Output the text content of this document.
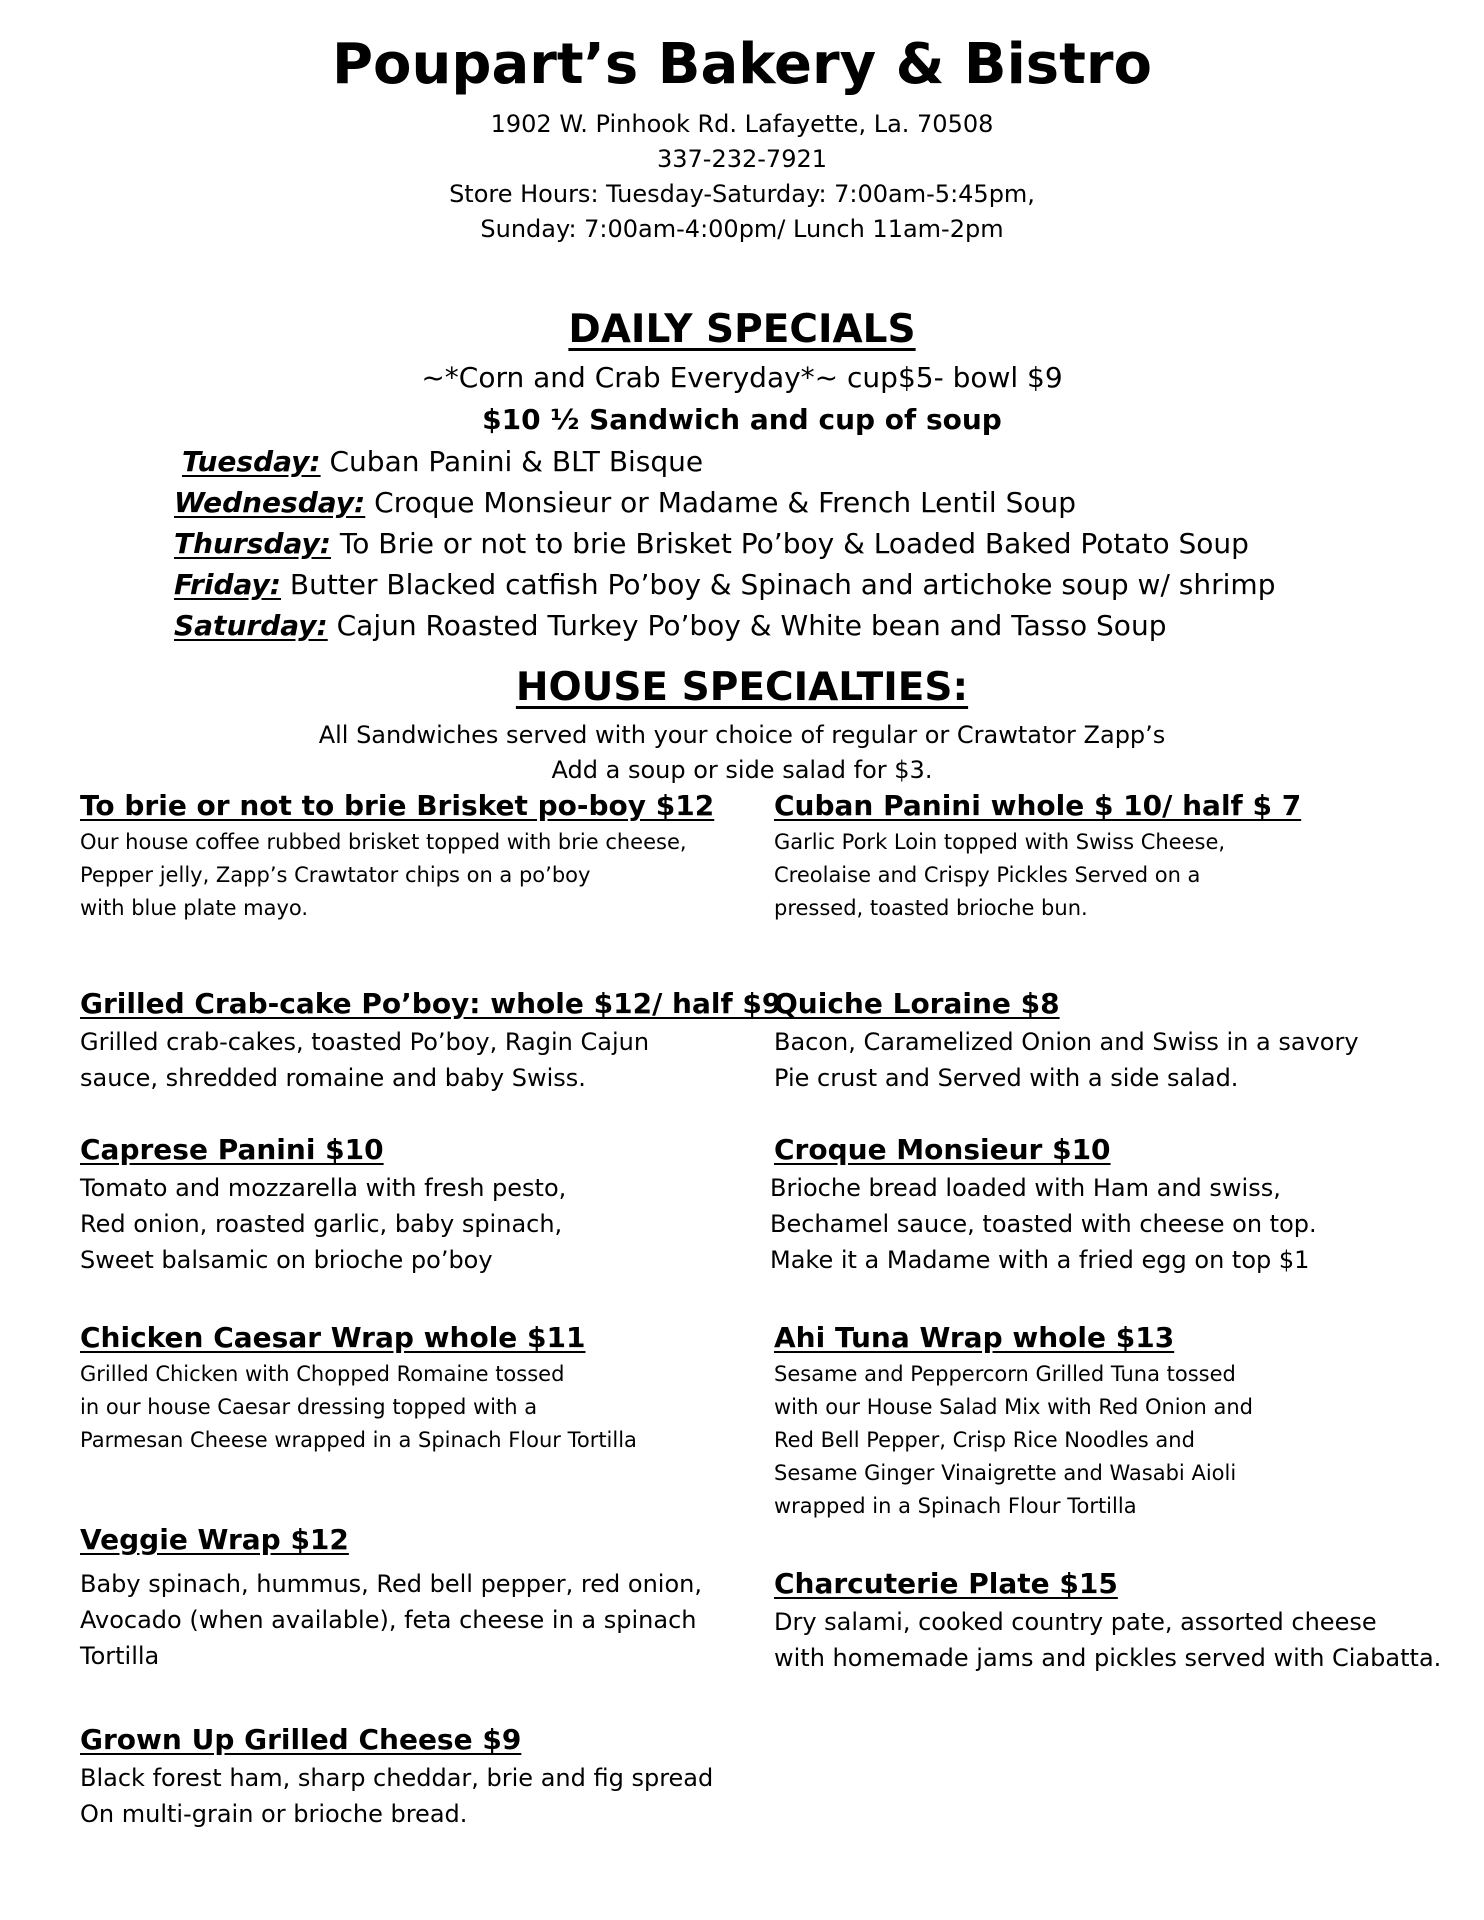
Poupart’s Bakery & Bistro
1902 W. Pinhook Rd. Lafayette, La. 70508
337-232-7921
Store Hours: Tuesday-Saturday: 7:00am-5:45pm,
Sunday: 7:00am-4:00pm/ Lunch 11am-2pm
DAILY SPECIALS
~*Corn and Crab Everyday*~ cup$5- bowl $9
$10 ½ Sandwich and cup of soup
Tuesday: Cuban Panini & BLT Bisque
Wednesday: Croque Monsieur or Madame & French Lentil Soup
Thursday: To Brie or not to brie Brisket Po’boy & Loaded Baked Potato Soup
Friday: Butter Blacked catfish Po’boy & Spinach and artichoke soup w/ shrimp
Saturday: Cajun Roasted Turkey Po’boy & White bean and Tasso Soup
HOUSE SPECIALTIES:
All Sandwiches served with your choice of regular or Crawtator Zapp’s
Add a soup or side salad for $3.
To brie or not to brie Brisket po-boy $12
Our house coffee rubbed brisket topped with brie cheese,
Pepper jelly, Zapp’s Crawtator chips on a po’boy
with blue plate mayo.
Grilled Crab-cake Po’boy: whole $12/ half $9
Grilled crab-cakes, toasted Po’boy, Ragin Cajun
sauce, shredded romaine and baby Swiss.
Caprese Panini $10
Tomato and mozzarella with fresh pesto,
Red onion, roasted garlic, baby spinach,
Sweet balsamic on brioche po’boy
Chicken Caesar Wrap whole $11
Grilled Chicken with Chopped Romaine tossed
in our house Caesar dressing topped with a
Parmesan Cheese wrapped in a Spinach Flour Tortilla
Veggie Wrap $12
Baby spinach, hummus, Red bell pepper, red onion,
Avocado (when available), feta cheese in a spinach
Tortilla
Grown Up Grilled Cheese $9
Black forest ham, sharp cheddar, brie and fig spread
On multi-grain or brioche bread.
Cuban Panini whole $ 10/ half $ 7
Garlic Pork Loin topped with Swiss Cheese,
Creolaise and Crispy Pickles Served on a
pressed, toasted brioche bun.
Quiche Loraine $8
Bacon, Caramelized Onion and Swiss in a savory
Pie crust and Served with a side salad.
Croque Monsieur $10
Brioche bread loaded with Ham and swiss,
Bechamel sauce, toasted with cheese on top.
Make it a Madame with a fried egg on top $1
Ahi Tuna Wrap whole $13
Sesame and Peppercorn Grilled Tuna tossed
with our House Salad Mix with Red Onion and
Red Bell Pepper, Crisp Rice Noodles and
Sesame Ginger Vinaigrette and Wasabi Aioli
wrapped in a Spinach Flour Tortilla
Charcuterie Plate $15
Dry salami, cooked country pate, assorted cheese
with homemade jams and pickles served with Ciabatta.
